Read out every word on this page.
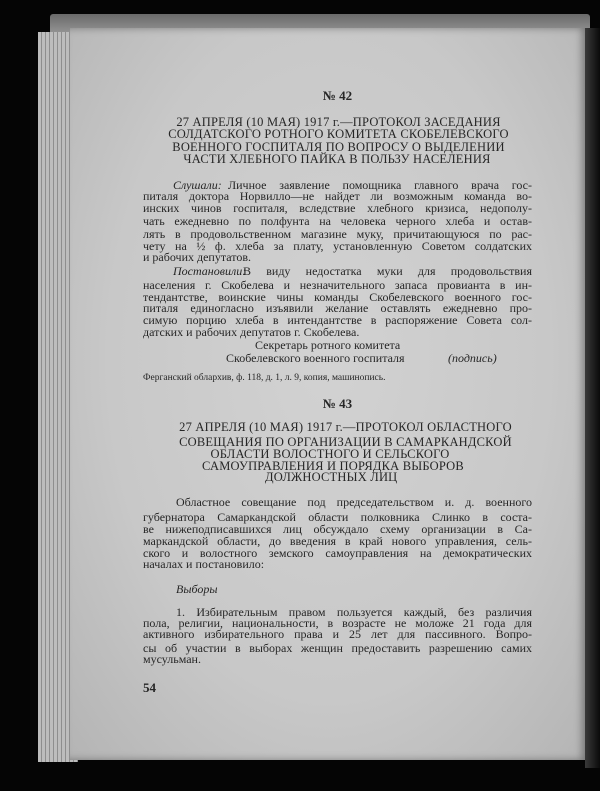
№ 42
27 АПРЕЛЯ (10 МАЯ) 1917 г.—ПРОТОКОЛ ЗАСЕДАНИЯ
СОЛДАТСКОГО РОТНОГО КОМИТЕТА СКОБЕЛЕВСКОГО
ВОЕННОГО ГОСПИТАЛЯ ПО ВОПРОСУ О ВЫДЕЛЕНИИ
ЧАСТИ ХЛЕБНОГО ПАЙКА В ПОЛЬЗУ НАСЕЛЕНИЯ
Личное заявление помощника главного врача гос-
питаля доктора Норвилло—не найдет ли возможным команда во-
инских чинов госпиталя, вследствие хлебного кризиса, недополу-
чать ежедневно по полфунта на человека черного хлеба и остав-
лять в продовольственном магазине муку, причитающуюся по рас-
чету на ½ ф. хлеба за плату, установленную Советом солдатских
и рабочих депутатов.
Слушали:
В виду недостатка муки для продовольствия
населения г. Скобелева и незначительного запаса провианта в ин-
тендантстве, воинские чины команды Скобелевского военного гос-
питаля единогласно изъявили желание оставлять ежедневно про-
симую порцию хлеба в интендантстве в распоряжение Совета сол-
датских и рабочих депутатов г. Скобелева.
Постановили:
Секретарь ротного комитета
Скобелевского военного госпиталя	(подпись)
Ферганский облархив, ф. 118, д. 1, л. 9, копия, машинопись.
№ 43
27 АПРЕЛЯ (10 МАЯ) 1917 г.—ПРОТОКОЛ ОБЛАСТНОГО
СОВЕЩАНИЯ ПО ОРГАНИЗАЦИИ В САМАРКАНДСКОЙ
ОБЛАСТИ ВОЛОСТНОГО И СЕЛЬСКОГО
САМОУПРАВЛЕНИЯ И ПОРЯДКА ВЫБОРОВ
ДОЛЖНОСТНЫХ ЛИЦ
Областное совещание под председательством и. д. военного
губернатора Самаркандской области полковника Слинко в соста-
ве нижеподписавшихся лиц обсуждало схему организации в Са-
маркандской области, до введения в край нового управления, сель-
ского и волостного земского самоуправления на демократических
началах и постановило:
Выборы
1. Избирательным правом пользуется каждый, без различия
пола, религии, национальности, в возрасте не моложе 21 года для
активного избирательного права и 25 лет для пассивного. Вопро-
сы об участии в выборах женщин предоставить разрешению самих
мусульман.
54
